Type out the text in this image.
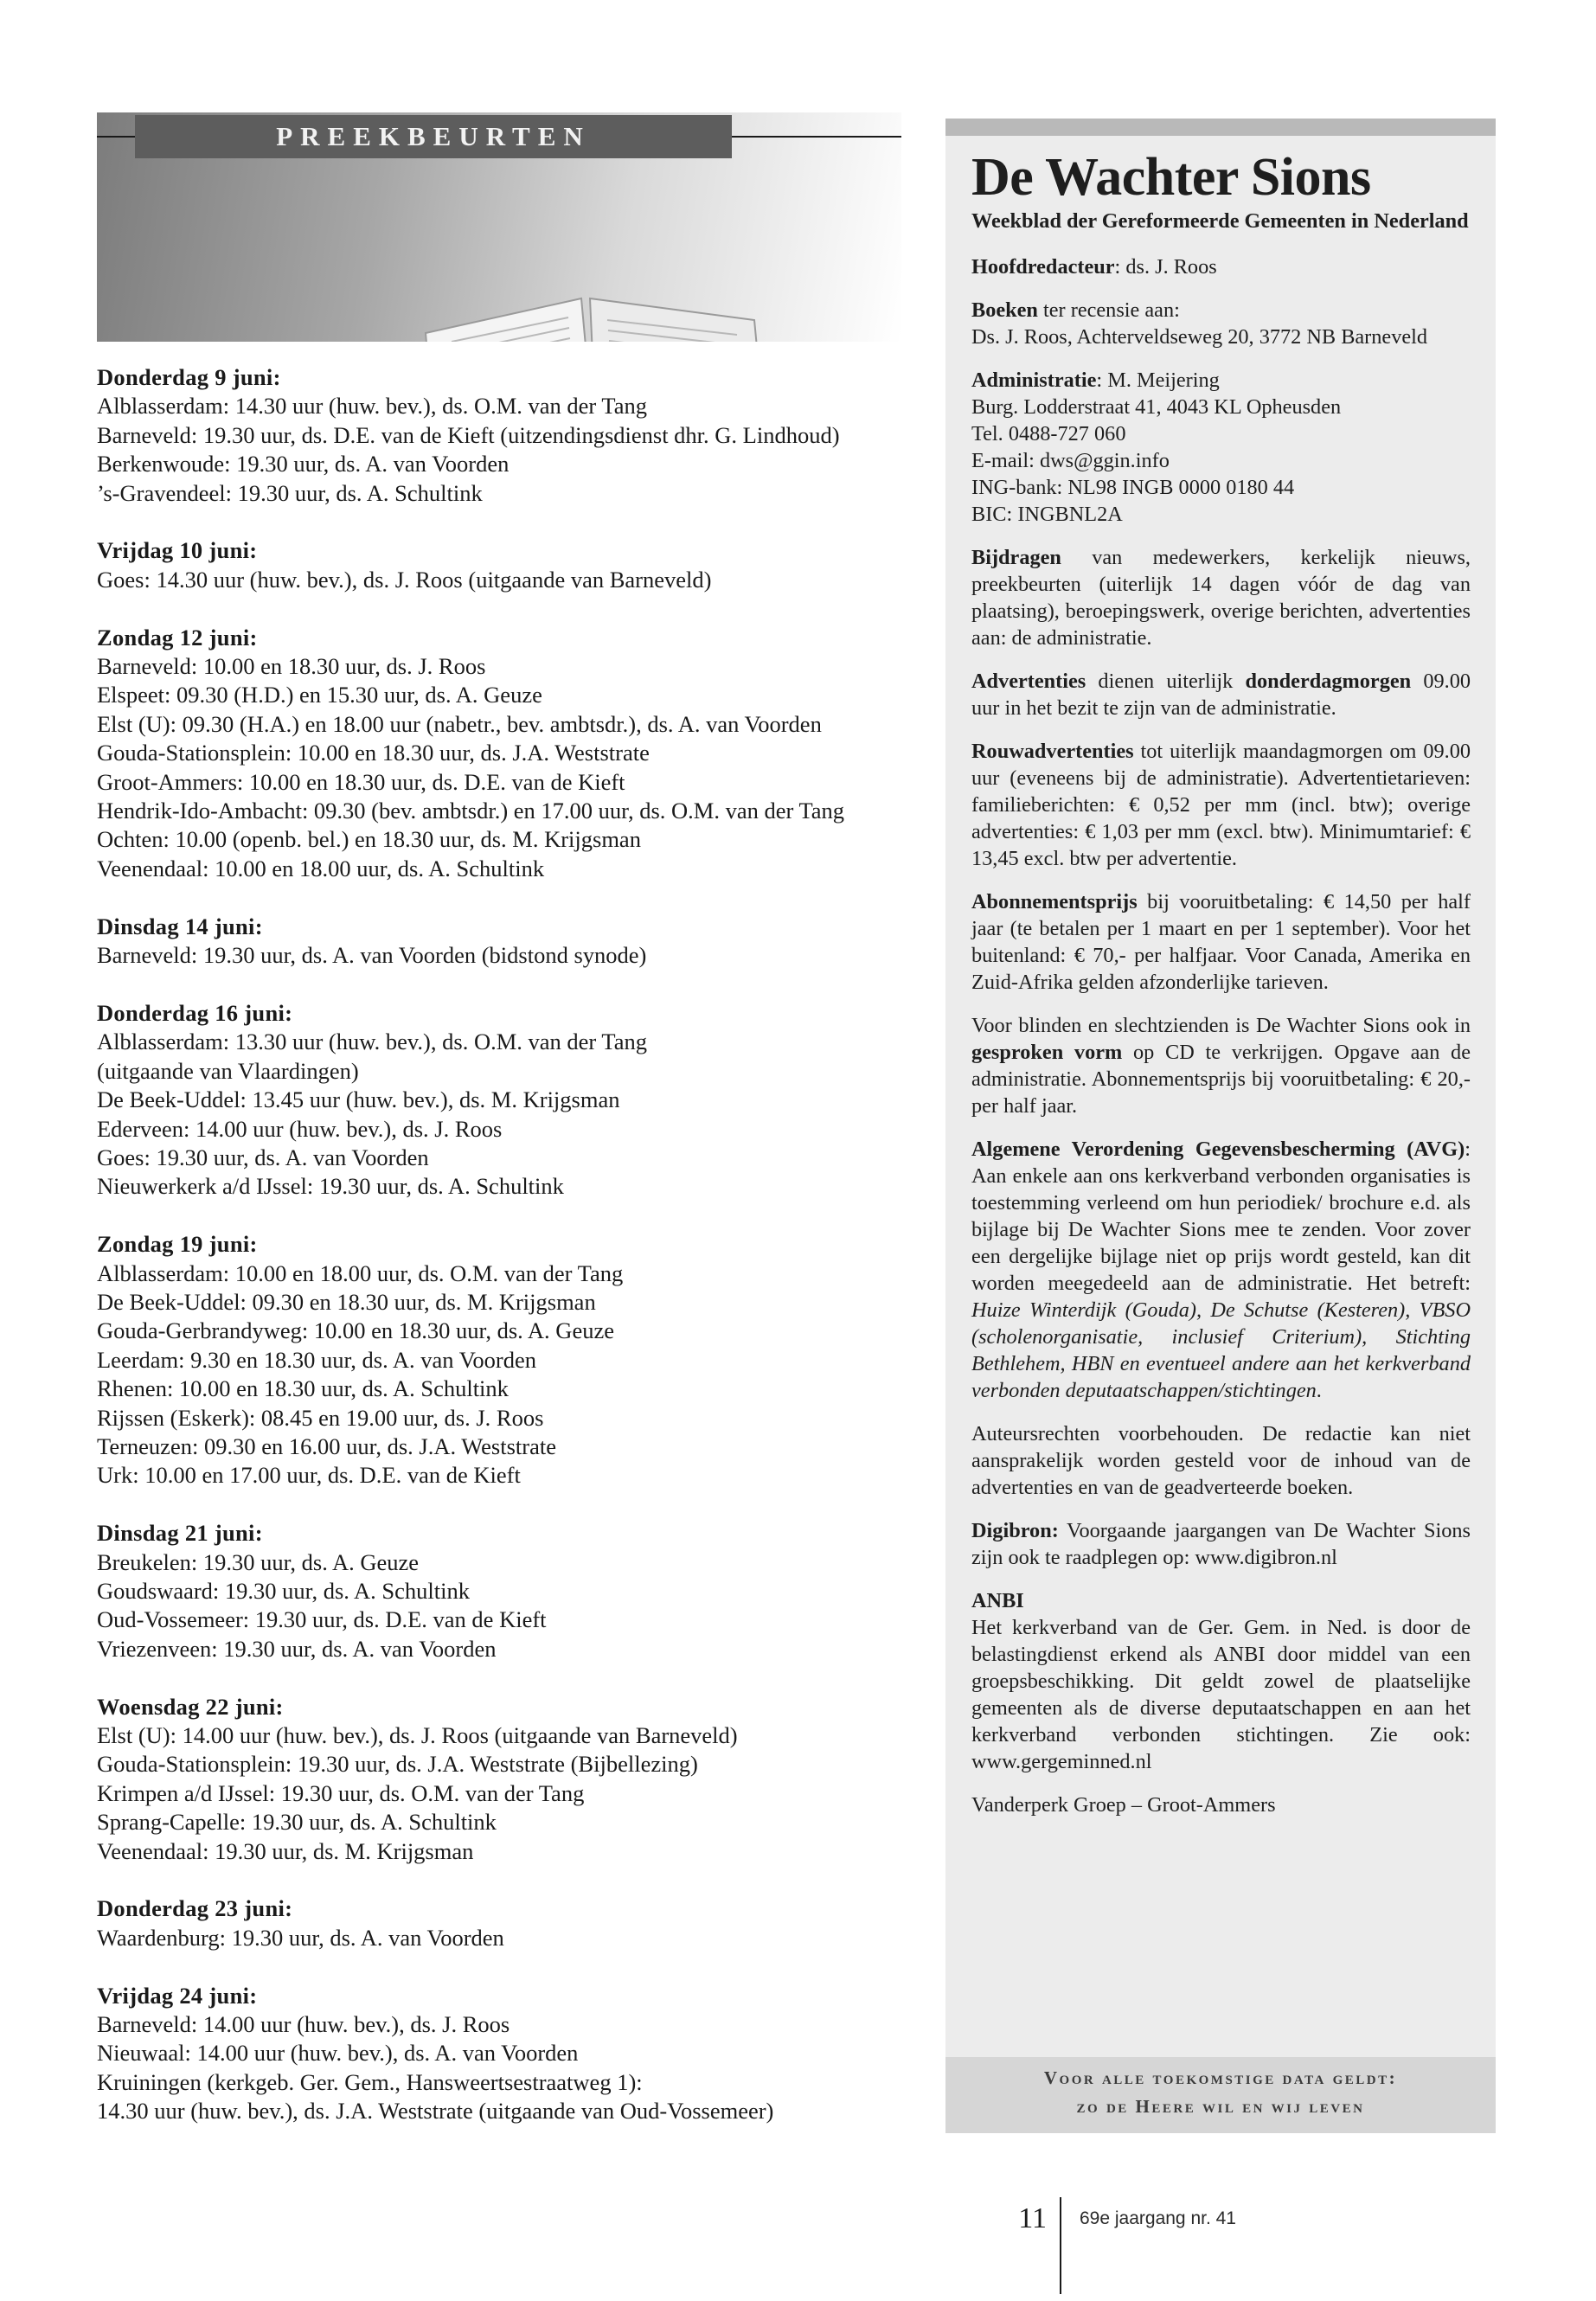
PREEKBEURTEN
Donderdag 9 juni:
Alblasserdam: 14.30 uur (huw. bev.), ds. O.M. van der Tang
Barneveld: 19.30 uur, ds. D.E. van de Kieft (uitzendingsdienst dhr. G. Lindhoud)
Berkenwoude: 19.30 uur, ds. A. van Voorden
’s-Gravendeel: 19.30 uur, ds. A. Schultink
Vrijdag 10 juni:
Goes: 14.30 uur (huw. bev.), ds. J. Roos (uitgaande van Barneveld)
Zondag 12 juni:
Barneveld: 10.00 en 18.30 uur, ds. J. Roos
Elspeet: 09.30 (H.D.) en 15.30 uur, ds. A. Geuze
Elst (U): 09.30 (H.A.) en 18.00 uur (nabetr., bev. ambtsdr.), ds. A. van Voorden
Gouda-Stationsplein: 10.00 en 18.30 uur, ds. J.A. Weststrate
Groot-Ammers: 10.00 en 18.30 uur, ds. D.E. van de Kieft
Hendrik-Ido-Ambacht: 09.30 (bev. ambtsdr.) en 17.00 uur, ds. O.M. van der Tang
Ochten: 10.00 (openb. bel.) en 18.30 uur, ds. M. Krijgsman
Veenendaal: 10.00 en 18.00 uur, ds. A. Schultink
Dinsdag 14 juni:
Barneveld: 19.30 uur, ds. A. van Voorden (bidstond synode)
Donderdag 16 juni:
Alblasserdam: 13.30 uur (huw. bev.), ds. O.M. van der Tang
(uitgaande van Vlaardingen)
De Beek-Uddel: 13.45 uur (huw. bev.), ds. M. Krijgsman
Ederveen: 14.00 uur (huw. bev.), ds. J. Roos
Goes: 19.30 uur, ds. A. van Voorden
Nieuwerkerk a/d IJssel: 19.30 uur, ds. A. Schultink
Zondag 19 juni:
Alblasserdam: 10.00 en 18.00 uur, ds. O.M. van der Tang
De Beek-Uddel: 09.30 en 18.30 uur, ds. M. Krijgsman
Gouda-Gerbrandyweg: 10.00 en 18.30 uur, ds. A. Geuze
Leerdam: 9.30 en 18.30 uur, ds. A. van Voorden
Rhenen: 10.00 en 18.30 uur, ds. A. Schultink
Rijssen (Eskerk): 08.45 en 19.00 uur, ds. J. Roos
Terneuzen: 09.30 en 16.00 uur, ds. J.A. Weststrate
Urk: 10.00 en 17.00 uur, ds. D.E. van de Kieft
Dinsdag 21 juni:
Breukelen: 19.30 uur, ds. A. Geuze
Goudswaard: 19.30 uur, ds. A. Schultink
Oud-Vossemeer: 19.30 uur, ds. D.E. van de Kieft
Vriezenveen: 19.30 uur, ds. A. van Voorden
Woensdag 22 juni:
Elst (U): 14.00 uur (huw. bev.), ds. J. Roos (uitgaande van Barneveld)
Gouda-Stationsplein: 19.30 uur, ds. J.A. Weststrate (Bijbellezing)
Krimpen a/d IJssel: 19.30 uur, ds. O.M. van der Tang
Sprang-Capelle: 19.30 uur, ds. A. Schultink
Veenendaal: 19.30 uur, ds. M. Krijgsman
Donderdag 23 juni:
Waardenburg: 19.30 uur, ds. A. van Voorden
Vrijdag 24 juni:
Barneveld: 14.00 uur (huw. bev.), ds. J. Roos
Nieuwaal: 14.00 uur (huw. bev.), ds. A. van Voorden
Kruiningen (kerkgeb. Ger. Gem., Hansweertsestraatweg 1):
14.30 uur (huw. bev.), ds. J.A. Weststrate (uitgaande van Oud-Vossemeer)
De Wachter Sions
Weekblad der Gereformeerde Gemeenten in Nederland
Hoofdredacteur: ds. J. Roos
Boeken ter recensie aan:
Ds. J. Roos, Achterveldseweg 20, 3772 NB Barneveld
Administratie: M. Meijering
Burg. Lodderstraat 41, 4043 KL Opheusden
Tel. 0488-727 060
E-mail: dws@ggin.info
ING-bank: NL98 INGB 0000 0180 44
BIC: INGBNL2A
Bijdragen van medewerkers, kerkelijk nieuws, preekbeurten (uiterlijk 14 dagen vóór de dag van plaatsing), beroepingswerk, overige berichten, advertenties aan: de administratie.
Advertenties dienen uiterlijk donderdagmorgen 09.00 uur in het bezit te zijn van de administratie.
Rouwadvertenties tot uiterlijk maandagmorgen om 09.00 uur (eveneens bij de administratie). Advertentietarieven: familieberichten: € 0,52 per mm (incl. btw); overige advertenties: € 1,03 per mm (excl. btw). Minimumtarief: € 13,45 excl. btw per advertentie.
Abonnementsprijs bij vooruitbetaling: € 14,50 per half jaar (te betalen per 1 maart en per 1 september). Voor het buitenland: € 70,- per halfjaar. Voor Canada, Amerika en Zuid-Afrika gelden afzonderlijke tarieven.
Voor blinden en slechtzienden is De Wachter Sions ook in gesproken vorm op CD te verkrijgen. Opgave aan de administratie. Abonnementsprijs bij vooruitbetaling: € 20,- per half jaar.
Algemene Verordening Gegevensbescherming (AVG): Aan enkele aan ons kerkverband verbonden organisaties is toestemming verleend om hun periodiek/ brochure e.d. als bijlage bij De Wachter Sions mee te zenden. Voor zover een dergelijke bijlage niet op prijs wordt gesteld, kan dit worden meegedeeld aan de administratie. Het betreft: Huize Winterdijk (Gouda), De Schutse (Kesteren), VBSO (scholenorganisatie, inclusief Criterium), Stichting Bethlehem, HBN en eventueel andere aan het kerkverband verbonden deputaatschappen/stichtingen.
Auteursrechten voorbehouden. De redactie kan niet aansprakelijk worden gesteld voor de inhoud van de advertenties en van de geadverteerde boeken.
Digibron: Voorgaande jaargangen van De Wachter Sions zijn ook te raadplegen op: www.digibron.nl
ANBI
Het kerkverband van de Ger. Gem. in Ned. is door de belastingdienst erkend als ANBI door middel van een groepsbeschikking. Dit geldt zowel de plaatselijke gemeenten als de diverse deputaatschappen en aan het kerkverband verbonden stichtingen. Zie ook: www.gergeminned.nl
Vanderperk Groep – Groot-Ammers
Voor alle toekomstige data geldt:
zo de Heere wil en wij leven
11 69e jaargang nr. 41
